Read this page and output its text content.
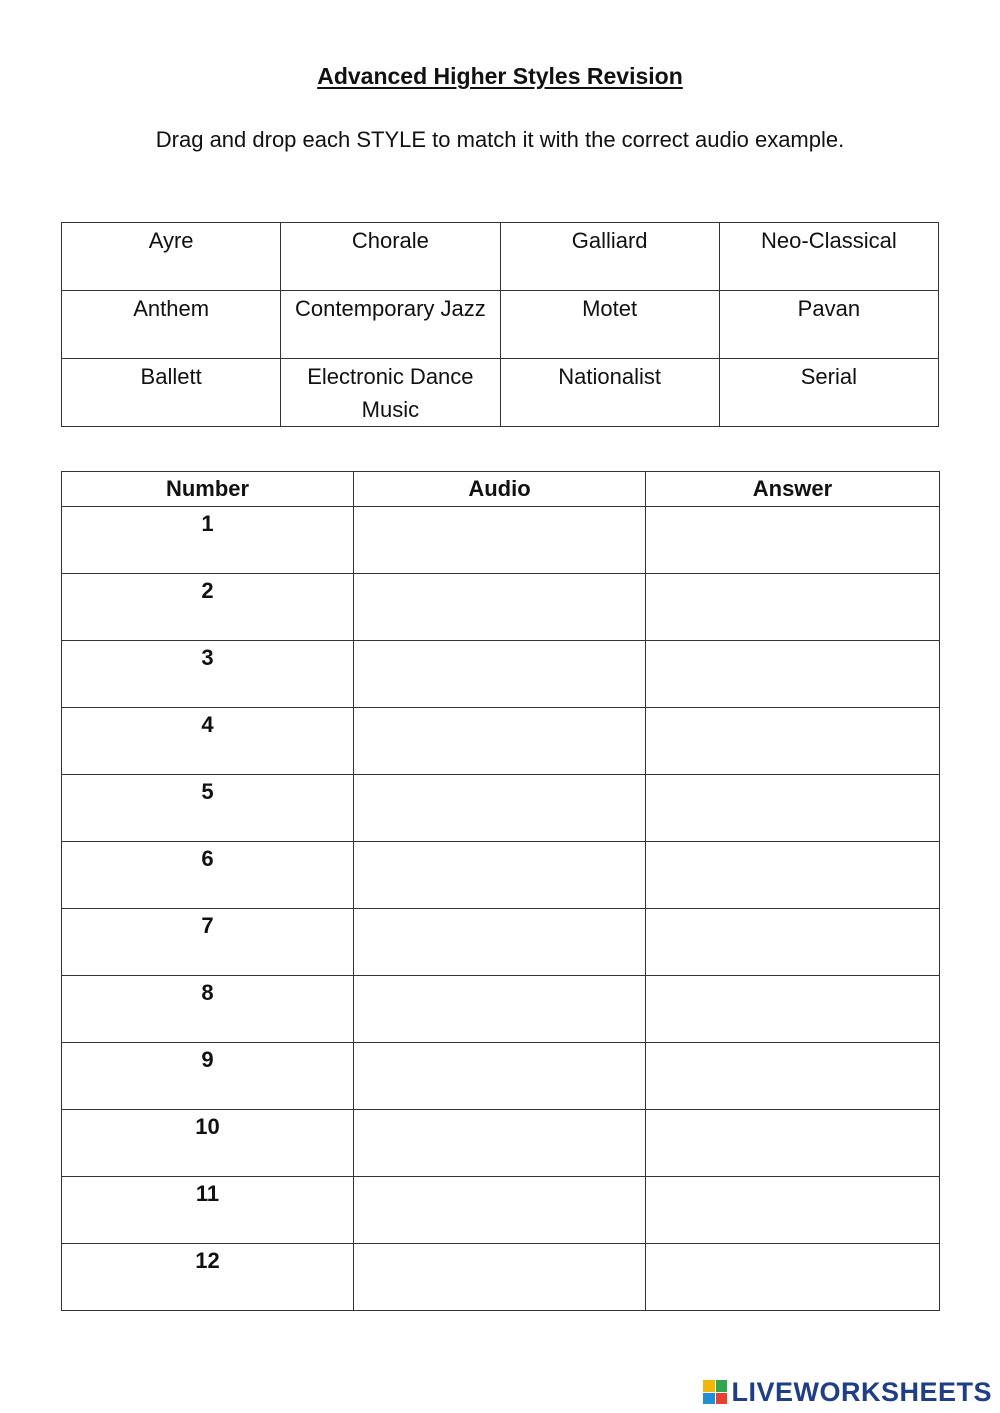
Advanced Higher Styles Revision
Drag and drop each STYLE to match it with the correct audio example.
Ayre	Chorale	Galliard	Neo-Classical
Anthem	Contemporary Jazz	Motet	Pavan
Ballett	Electronic Dance Music	Nationalist	Serial
Number	Audio	Answer
1		
2		
3		
4		
5		
6		
7		
8		
9		
10		
11		
12		
LIVEWORKSHEETS
